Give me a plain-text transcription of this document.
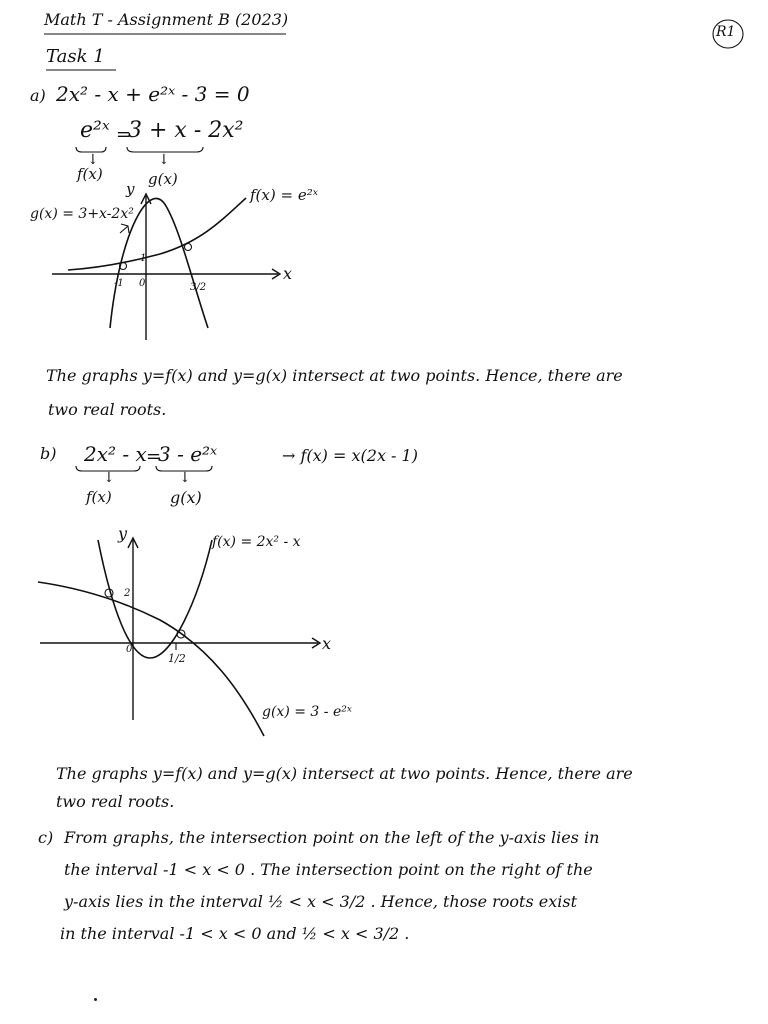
Math T - Assignment B (2023)
R1
Task 1
a) 2x² - x + e²ˣ - 3 = 0
e²ˣ =
3 + x - 2x²
↓	↓
f(x)	g(x)
y
x
f(x) = e²ˣ
g(x) = 3+x-2x²
-1 0
1
3/2
The graphs y=f(x) and y=g(x) intersect at two points. Hence, there are
two real roots.
b) 2x² - x =
3 - e²ˣ	→ f(x) = x(2x - 1)
↓	↓
f(x)	g(x)
y
x
f(x) = 2x² - x
g(x) = 3 - e²ˣ
0
2
1/2
The graphs y=f(x) and y=g(x) intersect at two points. Hence, there are
two real roots.
c) From graphs, the intersection point on the left of the y-axis lies in
the interval -1 < x < 0 . The intersection point on the right of the
y-axis lies in the interval ½ < x < 3/2 . Hence, those roots exist
in the interval -1 < x < 0 and ½ < x < 3/2 .
